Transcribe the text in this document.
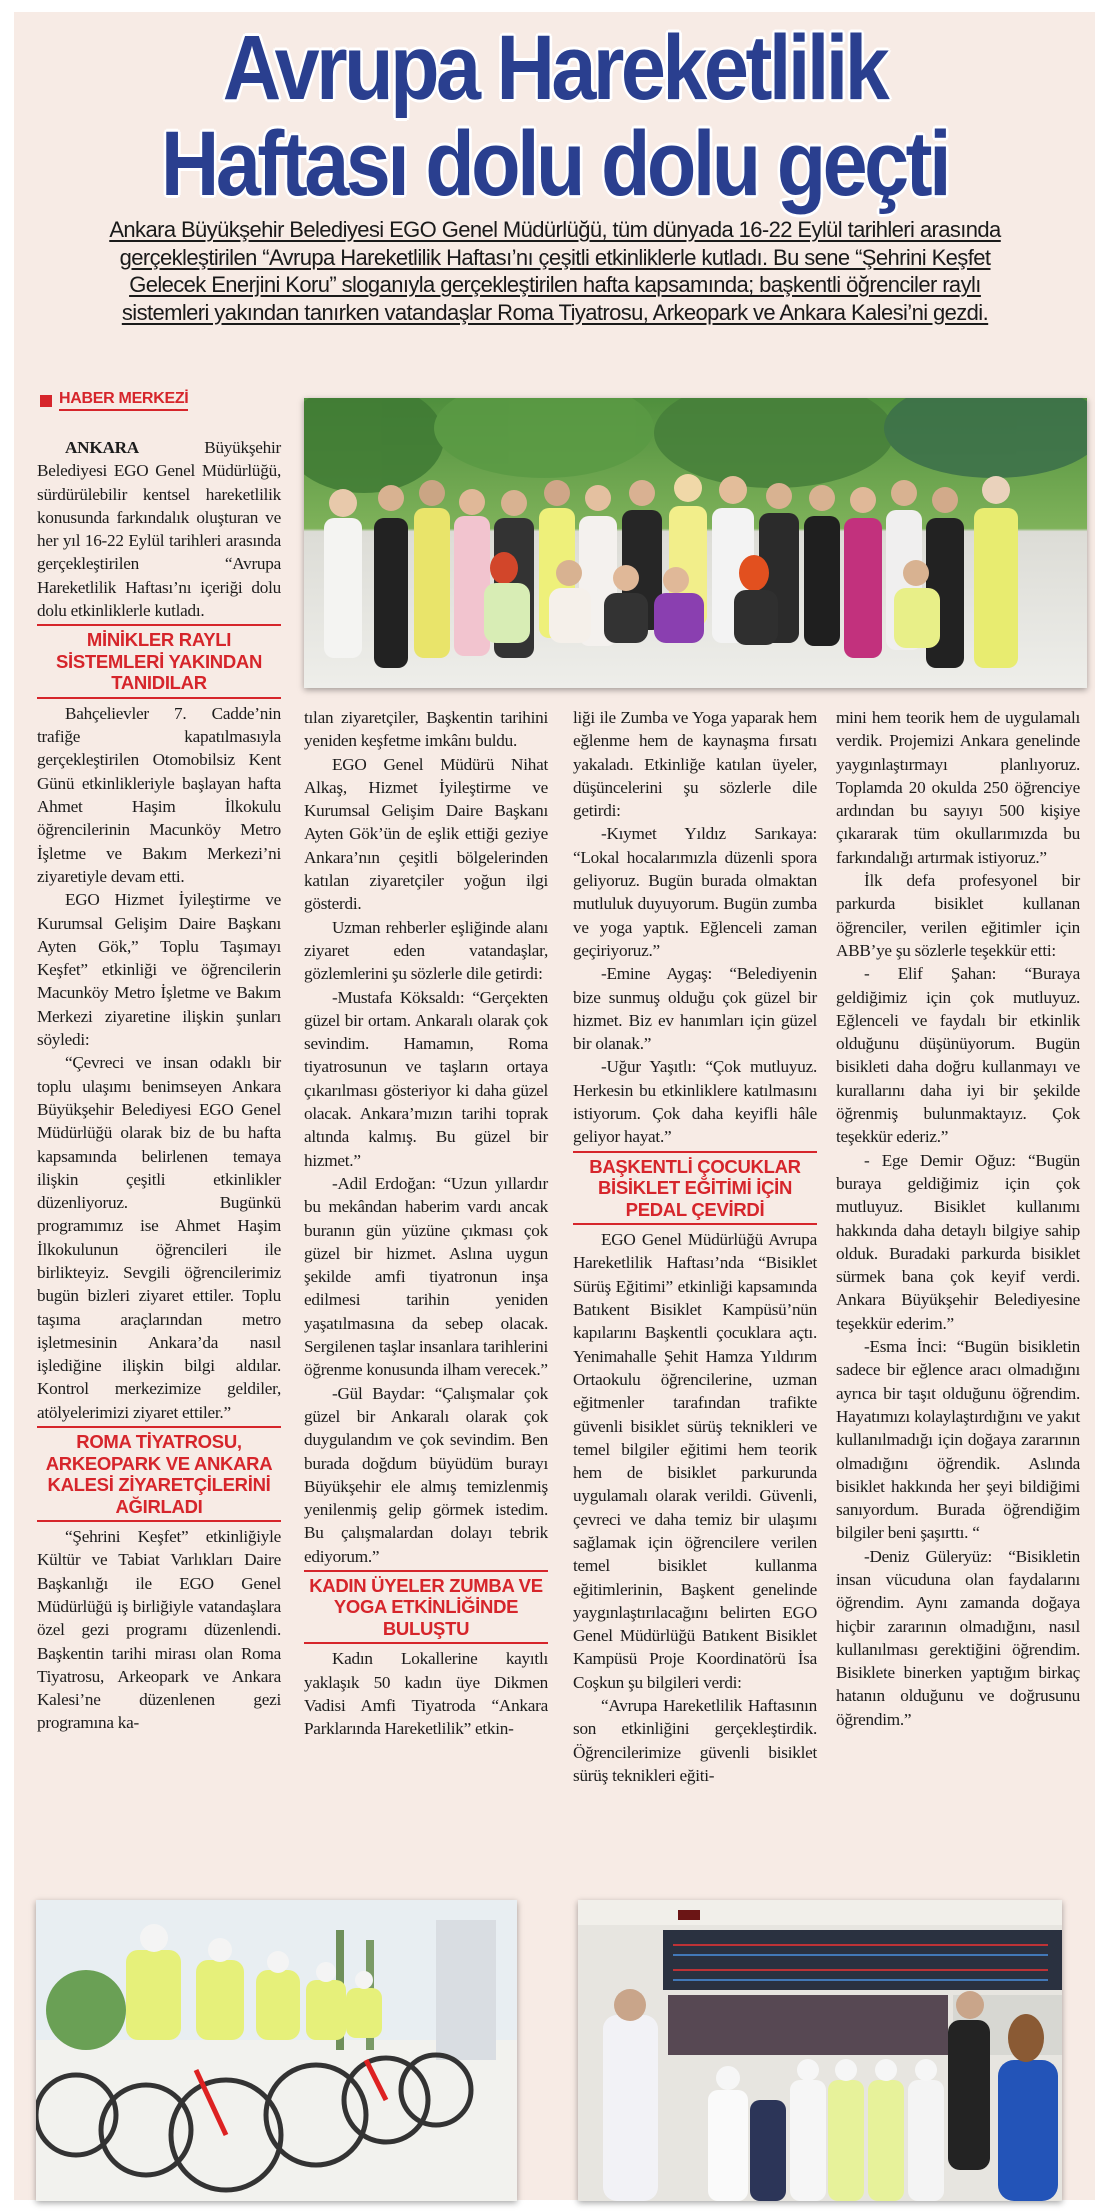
Avrupa Hareketlilik
Haftası dolu dolu geçti
Ankara Büyükşehir Belediyesi EGO Genel Müdürlüğü, tüm dünyada 16-22 Eylül tarihleri arasında
gerçekleştirilen “Avrupa Hareketlilik Haftası’nı çeşitli etkinliklerle kutladı. Bu sene “Şehrini Keşfet
Gelecek Enerjini Koru” sloganıyla gerçekleştirilen hafta kapsamında; başkentli öğrenciler raylı
sistemleri yakından tanırken vatandaşlar Roma Tiyatrosu, Arkeopark ve Ankara Kalesi’ni gezdi.
HABER MERKEZİ

ANKARA Büyükşehir Belediyesi EGO Genel Müdürlüğü, sürdürülebilir kentsel hareketlilik konusunda farkındalık oluşturan ve her yıl 16-22 Eylül tarihleri arasında gerçekleştirilen “Avrupa Hareketlilik Haftası’nı içeriği dolu dolu etkinliklerle kutladı.

MİNİKLER RAYLI SİSTEMLERİ YAKINDAN TANIDILAR

Bahçelievler 7. Cadde’nin trafiğe kapatılmasıyla gerçekleştirilen Otomobilsiz Kent Günü etkinlikleriyle başlayan hafta Ahmet Haşim İlkokulu öğrencilerinin Macunköy Metro İşletme ve Bakım Merkezi’ni ziyaretiyle devam etti.

EGO Hizmet İyileştirme ve Kurumsal Gelişim Daire Başkanı Ayten Gök,” Toplu Taşımayı Keşfet” etkinliği ve öğrencilerin Macunköy Metro İşletme ve Bakım Merkezi ziyaretine ilişkin şunları söyledi:

“Çevreci ve insan odaklı bir toplu ulaşımı benimseyen Ankara Büyükşehir Belediyesi EGO Genel Müdürlüğü olarak biz de bu hafta kapsamında belirlenen temaya ilişkin çeşitli etkinlikler düzenliyoruz. Bugünkü programımız ise Ahmet Haşim İlkokulunun öğrencileri ile birlikteyiz. Sevgili öğrencilerimiz bugün bizleri ziyaret ettiler. Toplu taşıma araçlarından metro işletmesinin Ankara’da nasıl işlediğine ilişkin bilgi aldılar. Kontrol merkezimize geldiler, atölyelerimizi ziyaret ettiler.”

ROMA TİYATROSU, ARKEOPARK VE ANKARA KALESİ ZİYARETÇİLERİNİ AĞIRLADI

“Şehrini Keşfet” etkinliğiyle Kültür ve Tabiat Varlıkları Daire Başkanlığı ile EGO Genel Müdürlüğü iş birliğiyle vatandaşlara özel gezi programı düzenlendi. Başkentin tarihi mirası olan Roma Tiyatrosu, Arkeopark ve Ankara Kalesi’ne düzenlenen gezi programına ka-

tılan ziyaretçiler, Başkentin tarihini yeniden keşfetme imkânı buldu.

EGO Genel Müdürü Nihat Alkaş, Hizmet İyileştirme ve Kurumsal Gelişim Daire Başkanı Ayten Gök’ün de eşlik ettiği geziye Ankara’nın çeşitli bölgelerinden katılan ziyaretçiler yoğun ilgi gösterdi.

Uzman rehberler eşliğinde alanı ziyaret eden vatandaşlar, gözlemlerini şu sözlerle dile getirdi:

-Mustafa Köksaldı: “Gerçekten güzel bir ortam. Ankaralı olarak çok sevindim. Hamamın, Roma tiyatrosunun ve taşların ortaya çıkarılması gösteriyor ki daha güzel olacak. Ankara’mızın tarihi toprak altında kalmış. Bu güzel bir hizmet.”

-Adil Erdoğan: “Uzun yıllardır bu mekândan haberim vardı ancak buranın gün yüzüne çıkması çok güzel bir hizmet. Aslına uygun şekilde amfi tiyatronun inşa edilmesi tarihin yeniden yaşatılmasına da sebep olacak. Sergilenen taşlar insanlara tarihlerini öğrenme konusunda ilham verecek.”

-Gül Baydar: “Çalışmalar çok güzel bir Ankaralı olarak çok duygulandım ve çok sevindim. Ben burada doğdum büyüdüm burayı Büyükşehir ele almış temizlenmiş yenilenmiş gelip görmek istedim. Bu çalışmalardan dolayı tebrik ediyorum.”

KADIN ÜYELER ZUMBA VE YOGA ETKİNLİĞİNDE BULUŞTU

Kadın Lokallerine kayıtlı yaklaşık 50 kadın üye Dikmen Vadisi Amfi Tiyatroda “Ankara Parklarında Hareketlilik” etkin-

liği ile Zumba ve Yoga yaparak hem eğlenme hem de kaynaşma fırsatı yakaladı. Etkinliğe katılan üyeler, düşüncelerini şu sözlerle dile getirdi:

-Kıymet Yıldız Sarıkaya: “Lokal hocalarımızla düzenli spora geliyoruz. Bugün burada olmaktan mutluluk duyuyorum. Bugün zumba ve yoga yaptık. Eğlenceli zaman geçiriyoruz.”

-Emine Aygaş: “Belediyenin bize sunmuş olduğu çok güzel bir hizmet. Biz ev hanımları için güzel bir olanak.”

-Uğur Yaşıtlı: “Çok mutluyuz. Herkesin bu etkinliklere katılmasını istiyorum. Çok daha keyifli hâle geliyor hayat.”

BAŞKENTLİ ÇOCUKLAR BİSİKLET EĞİTİMİ İÇİN PEDAL ÇEVİRDİ

EGO Genel Müdürlüğü Avrupa Hareketlilik Haftası’nda “Bisiklet Sürüş Eğitimi” etkinliği kapsamında Batıkent Bisiklet Kampüsü’nün kapılarını Başkentli çocuklara açtı. Yenimahalle Şehit Hamza Yıldırım Ortaokulu öğrencilerine, uzman eğitmenler tarafından trafikte güvenli bisiklet sürüş teknikleri ve temel bilgiler eğitimi hem teorik hem de bisiklet parkurunda uygulamalı olarak verildi. Güvenli, çevreci ve daha temiz bir ulaşımı sağlamak için öğrencilere verilen temel bisiklet kullanma eğitimlerinin, Başkent genelinde yaygınlaştırılacağını belirten EGO Genel Müdürlüğü Batıkent Bisiklet Kampüsü Proje Koordinatörü İsa Coşkun şu bilgileri verdi:

“Avrupa Hareketlilik Haftasının son etkinliğini gerçekleştirdik. Öğrencilerimize güvenli bisiklet sürüş teknikleri eğiti-

mini hem teorik hem de uygulamalı verdik. Projemizi Ankara genelinde yaygınlaştırmayı planlıyoruz. Toplamda 20 okulda 250 öğrenciye ardından bu sayıyı 500 kişiye çıkararak tüm okullarımızda bu farkındalığı artırmak istiyoruz.”

İlk defa profesyonel bir parkurda bisiklet kullanan öğrenciler, verilen eğitimler için ABB’ye şu sözlerle teşekkür etti:

- Elif Şahan: “Buraya geldiğimiz için çok mutluyuz. Eğlenceli ve faydalı bir etkinlik olduğunu düşünüyorum. Bugün bisikleti daha doğru kullanmayı ve kurallarını daha iyi bir şekilde öğrenmiş bulunmaktayız. Çok teşekkür ederiz.”

- Ege Demir Oğuz: “Bugün buraya geldiğimiz için çok mutluyuz. Bisiklet kullanımı hakkında daha detaylı bilgiye sahip olduk. Buradaki parkurda bisiklet sürmek bana çok keyif verdi. Ankara Büyükşehir Belediyesine teşekkür ederim.”

-Esma İnci: “Bugün bisikletin sadece bir eğlence aracı olmadığını ayrıca bir taşıt olduğunu öğrendim. Hayatımızı kolaylaştırdığını ve yakıt kullanılmadığı için doğaya zararının olmadığını öğrendik. Aslında bisiklet hakkında her şeyi bildiğimi sanıyordum. Burada öğrendiğim bilgiler beni şaşırttı. “

-Deniz Güleryüz: “Bisikletin insan vücuduna olan faydalarını öğrendim. Aynı zamanda doğaya hiçbir zararının olmadığını, nasıl kullanılması gerektiğini öğrendim. Bisiklete binerken yaptığım birkaç hatanın olduğunu ve doğrusunu öğrendim.”
